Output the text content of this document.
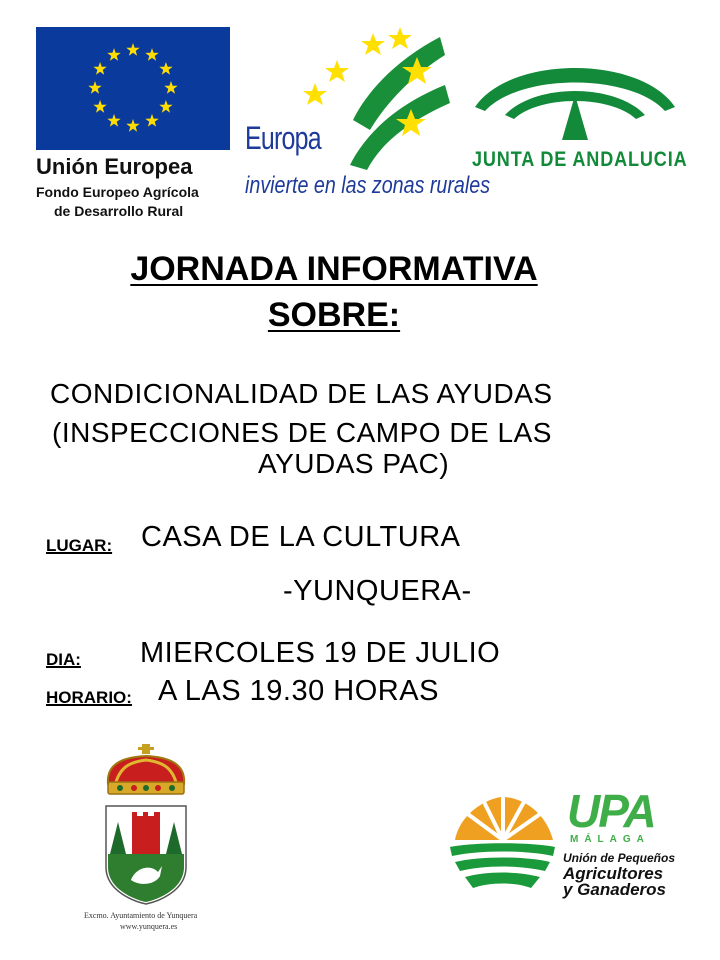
Unión Europea
Fondo Europeo Agrícola
de Desarrollo Rural
Europa
invierte en las zonas rurales
JUNTA DE ANDALUCIA
JORNADA INFORMATIVA
SOBRE:
CONDICIONALIDAD DE LAS AYUDAS
(INSPECCIONES DE CAMPO DE LAS
AYUDAS PAC)
LUGAR: CASA DE LA CULTURA
-YUNQUERA-
DIA: MIERCOLES 19 DE JULIO
HORARIO: A LAS 19.30 HORAS
Excmo. Ayuntamiento de Yunquera
www.yunquera.es
UPA
MÁLAGA
Unión de Pequeños
Agricultores
y Ganaderos
